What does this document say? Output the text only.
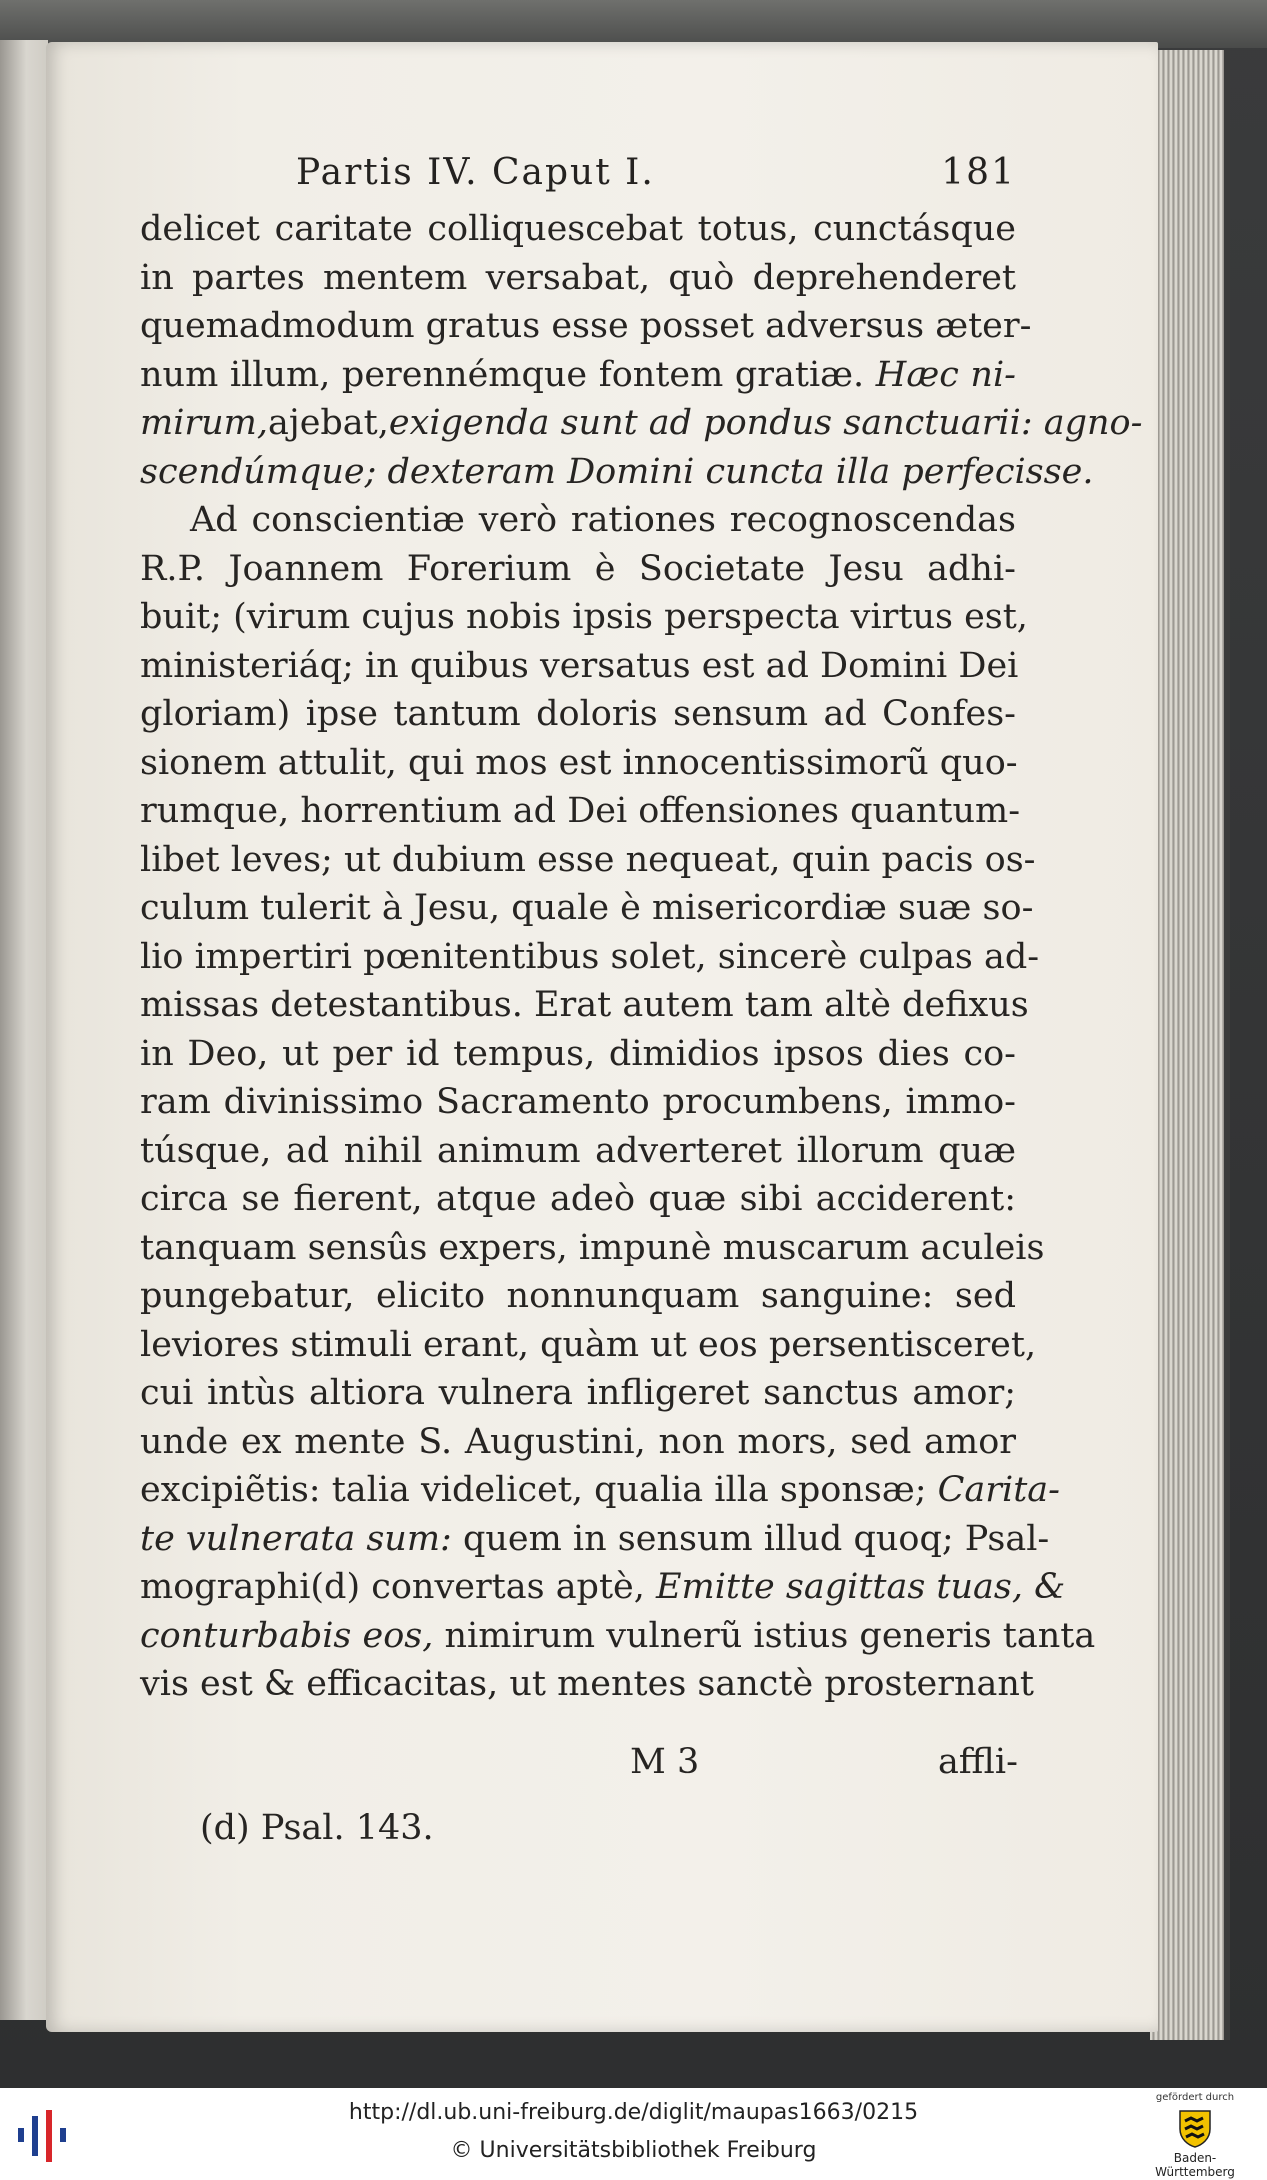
Partis IV. Caput I.	181
delicet caritate colliquescebat totus, cunctásque
in partes mentem versabat, quò deprehenderet
quemadmodum gratus esse posset adversus æter-
num illum, perennémque fontem gratiæ. Hæc ni-
mirum,ajebat,exigenda sunt ad pondus sanctuarii: agno-
scendúmque; dexteram Domini cuncta illa perfecisse.
Ad conscientiæ verò rationes recognoscendas
R.P. Joannem Forerium è Societate Jesu adhi-
buit; (virum cujus nobis ipsis perspecta virtus est,
ministeriáq; in quibus versatus est ad Domini Dei
gloriam) ipse tantum doloris sensum ad Confes-
sionem attulit, qui mos est innocentissimorũ quo-
rumque, horrentium ad Dei offensiones quantum-
libet leves; ut dubium esse nequeat, quin pacis os-
culum tulerit à Jesu, quale è misericordiæ suæ so-
lio impertiri pœnitentibus solet, sincerè culpas ad-
missas detestantibus. Erat autem tam altè defixus
in Deo, ut per id tempus, dimidios ipsos dies co-
ram divinissimo Sacramento procumbens, immo-
túsque, ad nihil animum adverteret illorum quæ
circa se fierent, atque adeò quæ sibi acciderent:
tanquam sensûs expers, impunè muscarum aculeis
pungebatur, elicito nonnunquam sanguine: sed
leviores stimuli erant, quàm ut eos persentisceret,
cui intùs altiora vulnera infligeret sanctus amor;
unde ex mente S. Augustini, non mors, sed amor
excipiẽtis: talia videlicet, qualia illa sponsæ; Carita-
te vulnerata sum: quem in sensum illud quoq; Psal-
mographi(d) convertas aptè, Emitte sagittas tuas, &
conturbabis eos, nimirum vulnerũ istius generis tanta
vis est & efficacitas, ut mentes sanctè prosternant
M 3	affli-
(d) Psal. 143.
http://dl.ub.uni-freiburg.de/diglit/maupas1663/0215
© Universitätsbibliothek Freiburg
gefördert durch
Baden-Württemberg
